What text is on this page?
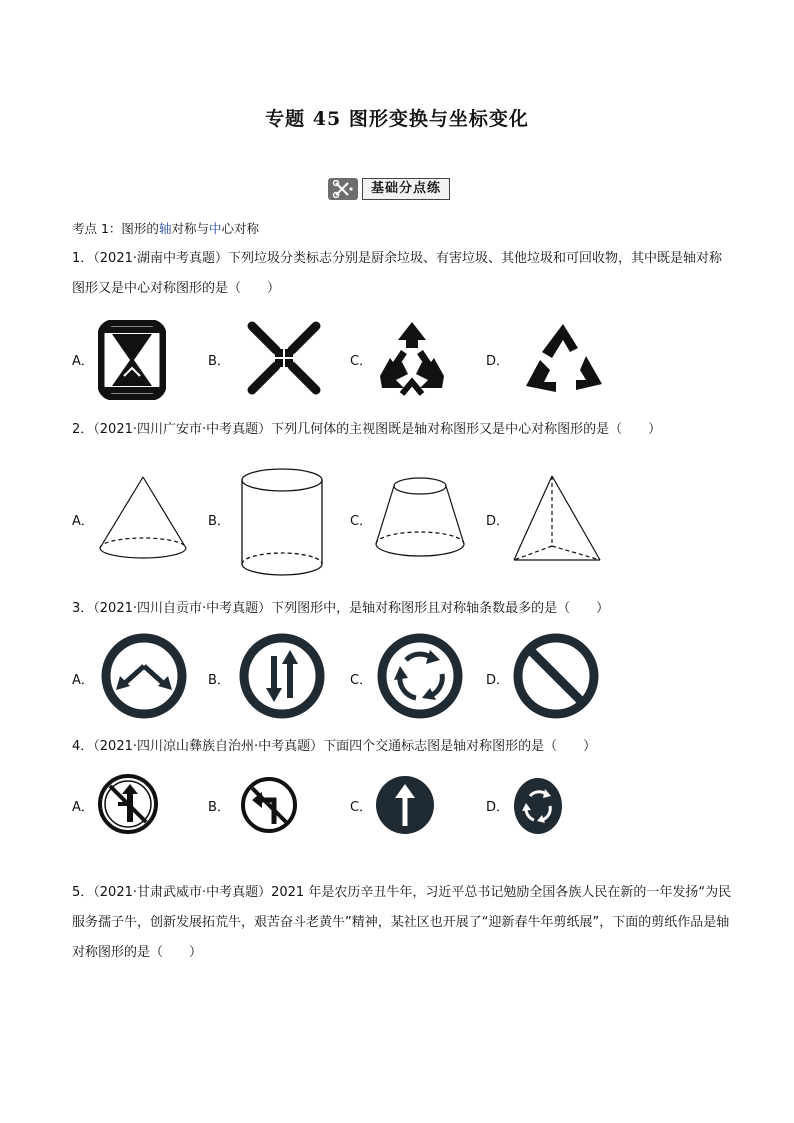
专题 45 图形变换与坐标变化
基础分点练
考点 1：图形的轴对称与中心对称
1．（2021·湖南中考真题）下列垃圾分类标志分别是厨余垃圾、有害垃圾、其他垃圾和可回收物，其中既是轴对称图形又是中心对称图形的是（　　）
A．	B．	C．	D．
2．（2021·四川广安市·中考真题）下列几何体的主视图既是轴对称图形又是中心对称图形的是（　　）
A．	B．	C．	D．
3．（2021·四川自贡市·中考真题）下列图形中，是轴对称图形且对称轴条数最多的是（　　）
A．	B．	C．	D．
4．（2021·四川凉山彝族自治州·中考真题）下面四个交通标志图是轴对称图形的是（　　）
A．	B．	C．	D．
5．（2021·甘肃武威市·中考真题）2021 年是农历辛丑牛年，习近平总书记勉励全国各族人民在新的一年发扬“为民服务孺子牛，创新发展拓荒牛，艰苦奋斗老黄牛”精神，某社区也开展了“迎新春牛年剪纸展”，下面的剪纸作品是轴对称图形的是（　　）
